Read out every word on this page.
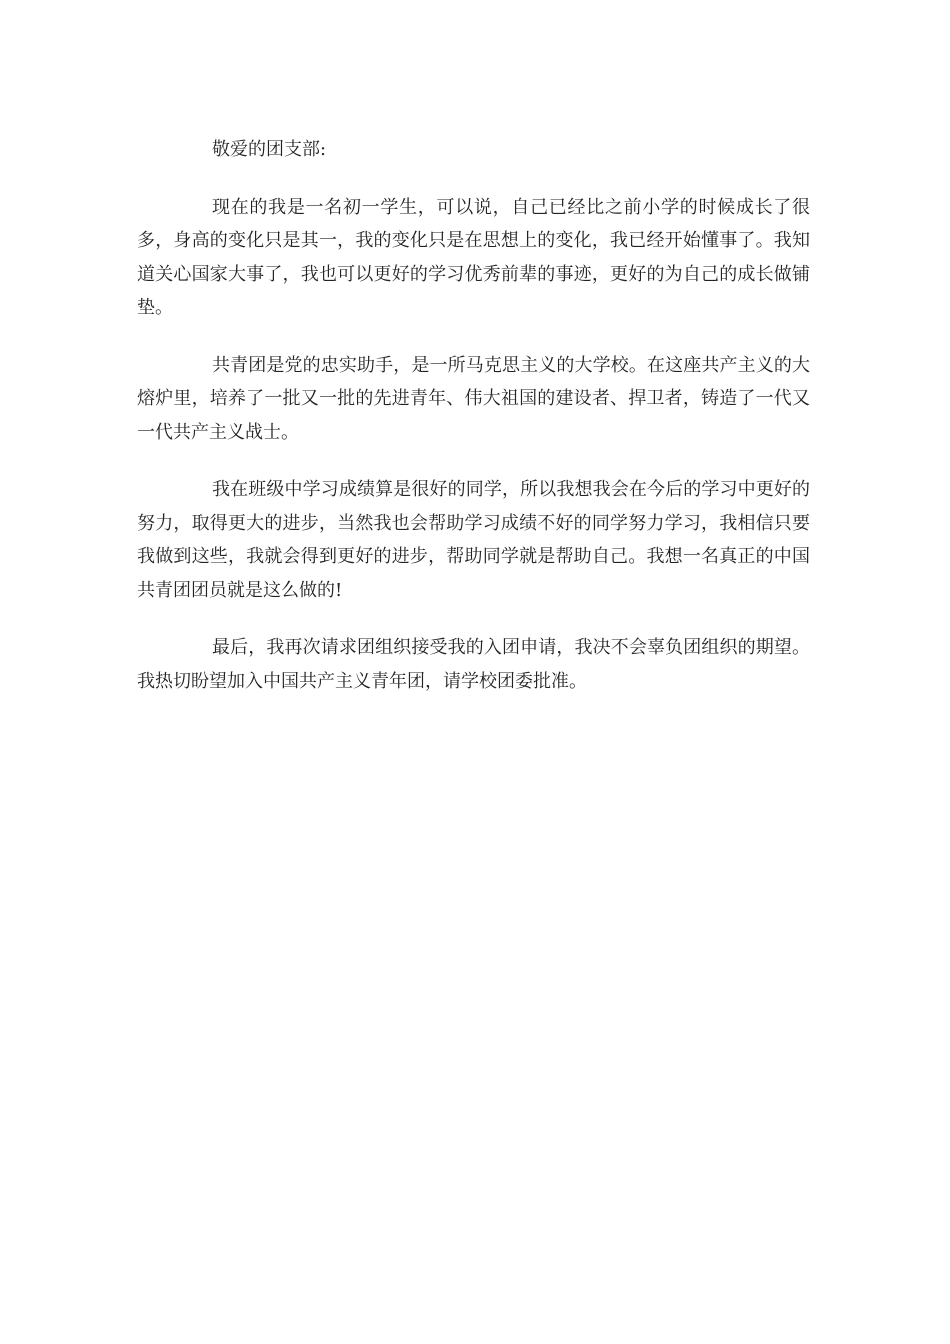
敬爱的团支部:

现在的我是一名初一学生，可以说，自己已经比之前小学的时候成长了很多，身高的变化只是其一，我的变化只是在思想上的变化，我已经开始懂事了。我知道关心国家大事了，我也可以更好的学习优秀前辈的事迹，更好的为自己的成长做铺垫。

共青团是党的忠实助手，是一所马克思主义的大学校。在这座共产主义的大熔炉里，培养了一批又一批的先进青年、伟大祖国的建设者、捍卫者，铸造了一代又一代共产主义战士。

我在班级中学习成绩算是很好的同学，所以我想我会在今后的学习中更好的努力，取得更大的进步，当然我也会帮助学习成绩不好的同学努力学习，我相信只要我做到这些，我就会得到更好的进步，帮助同学就是帮助自己。我想一名真正的中国共青团团员就是这么做的!

最后，我再次请求团组织接受我的入团申请，我决不会辜负团组织的期望。我热切盼望加入中国共产主义青年团，请学校团委批准。
